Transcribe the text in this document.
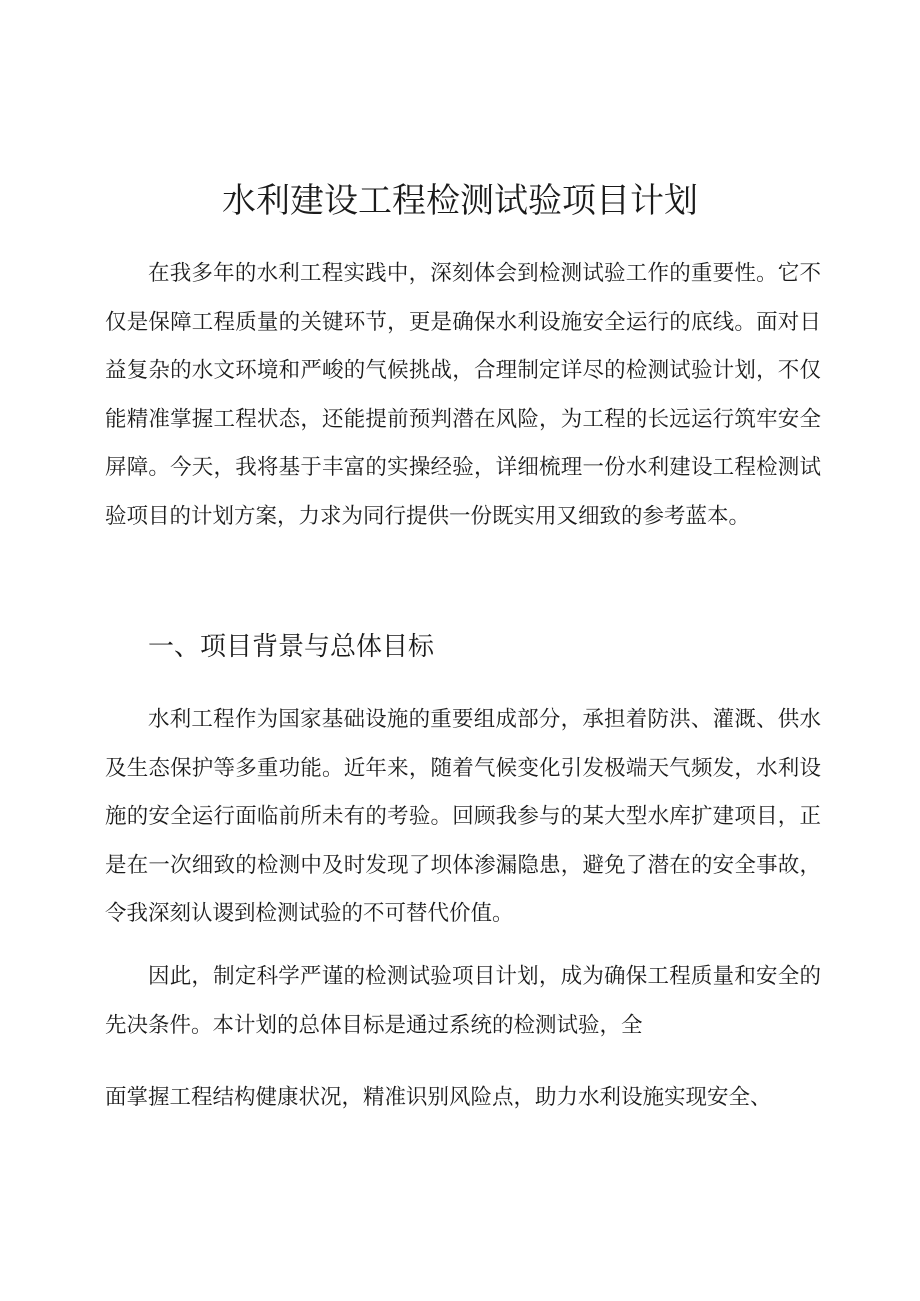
水利建设工程检测试验项目计划

在我多年的水利工程实践中，深刻体会到检测试验工作的重要性。它不仅是保障工程质量的关键环节，更是确保水利设施安全运行的底线。面对日益复杂的水文环境和严峻的气候挑战，合理制定详尽的检测试验计划，不仅能精准掌握工程状态，还能提前预判潜在风险，为工程的长远运行筑牢安全屏障。今天，我将基于丰富的实操经验，详细梳理一份水利建设工程检测试验项目的计划方案，力求为同行提供一份既实用又细致的参考蓝本。

一、项目背景与总体目标

水利工程作为国家基础设施的重要组成部分，承担着防洪、灌溉、供水及生态保护等多重功能。近年来，随着气候变化引发极端天气频发，水利设施的安全运行面临前所未有的考验。回顾我参与的某大型水库扩建项目，正是在一次细致的检测中及时发现了坝体渗漏隐患，避免了潜在的安全事故，令我深刻认谡到检测试验的不可替代价值。

因此，制定科学严谨的检测试验项目计划，成为确保工程质量和安全的先决条件。本计划的总体目标是通过系统的检测试验，全

面掌握工程结构健康状况，精准识别风险点，助力水利设施实现安全、
